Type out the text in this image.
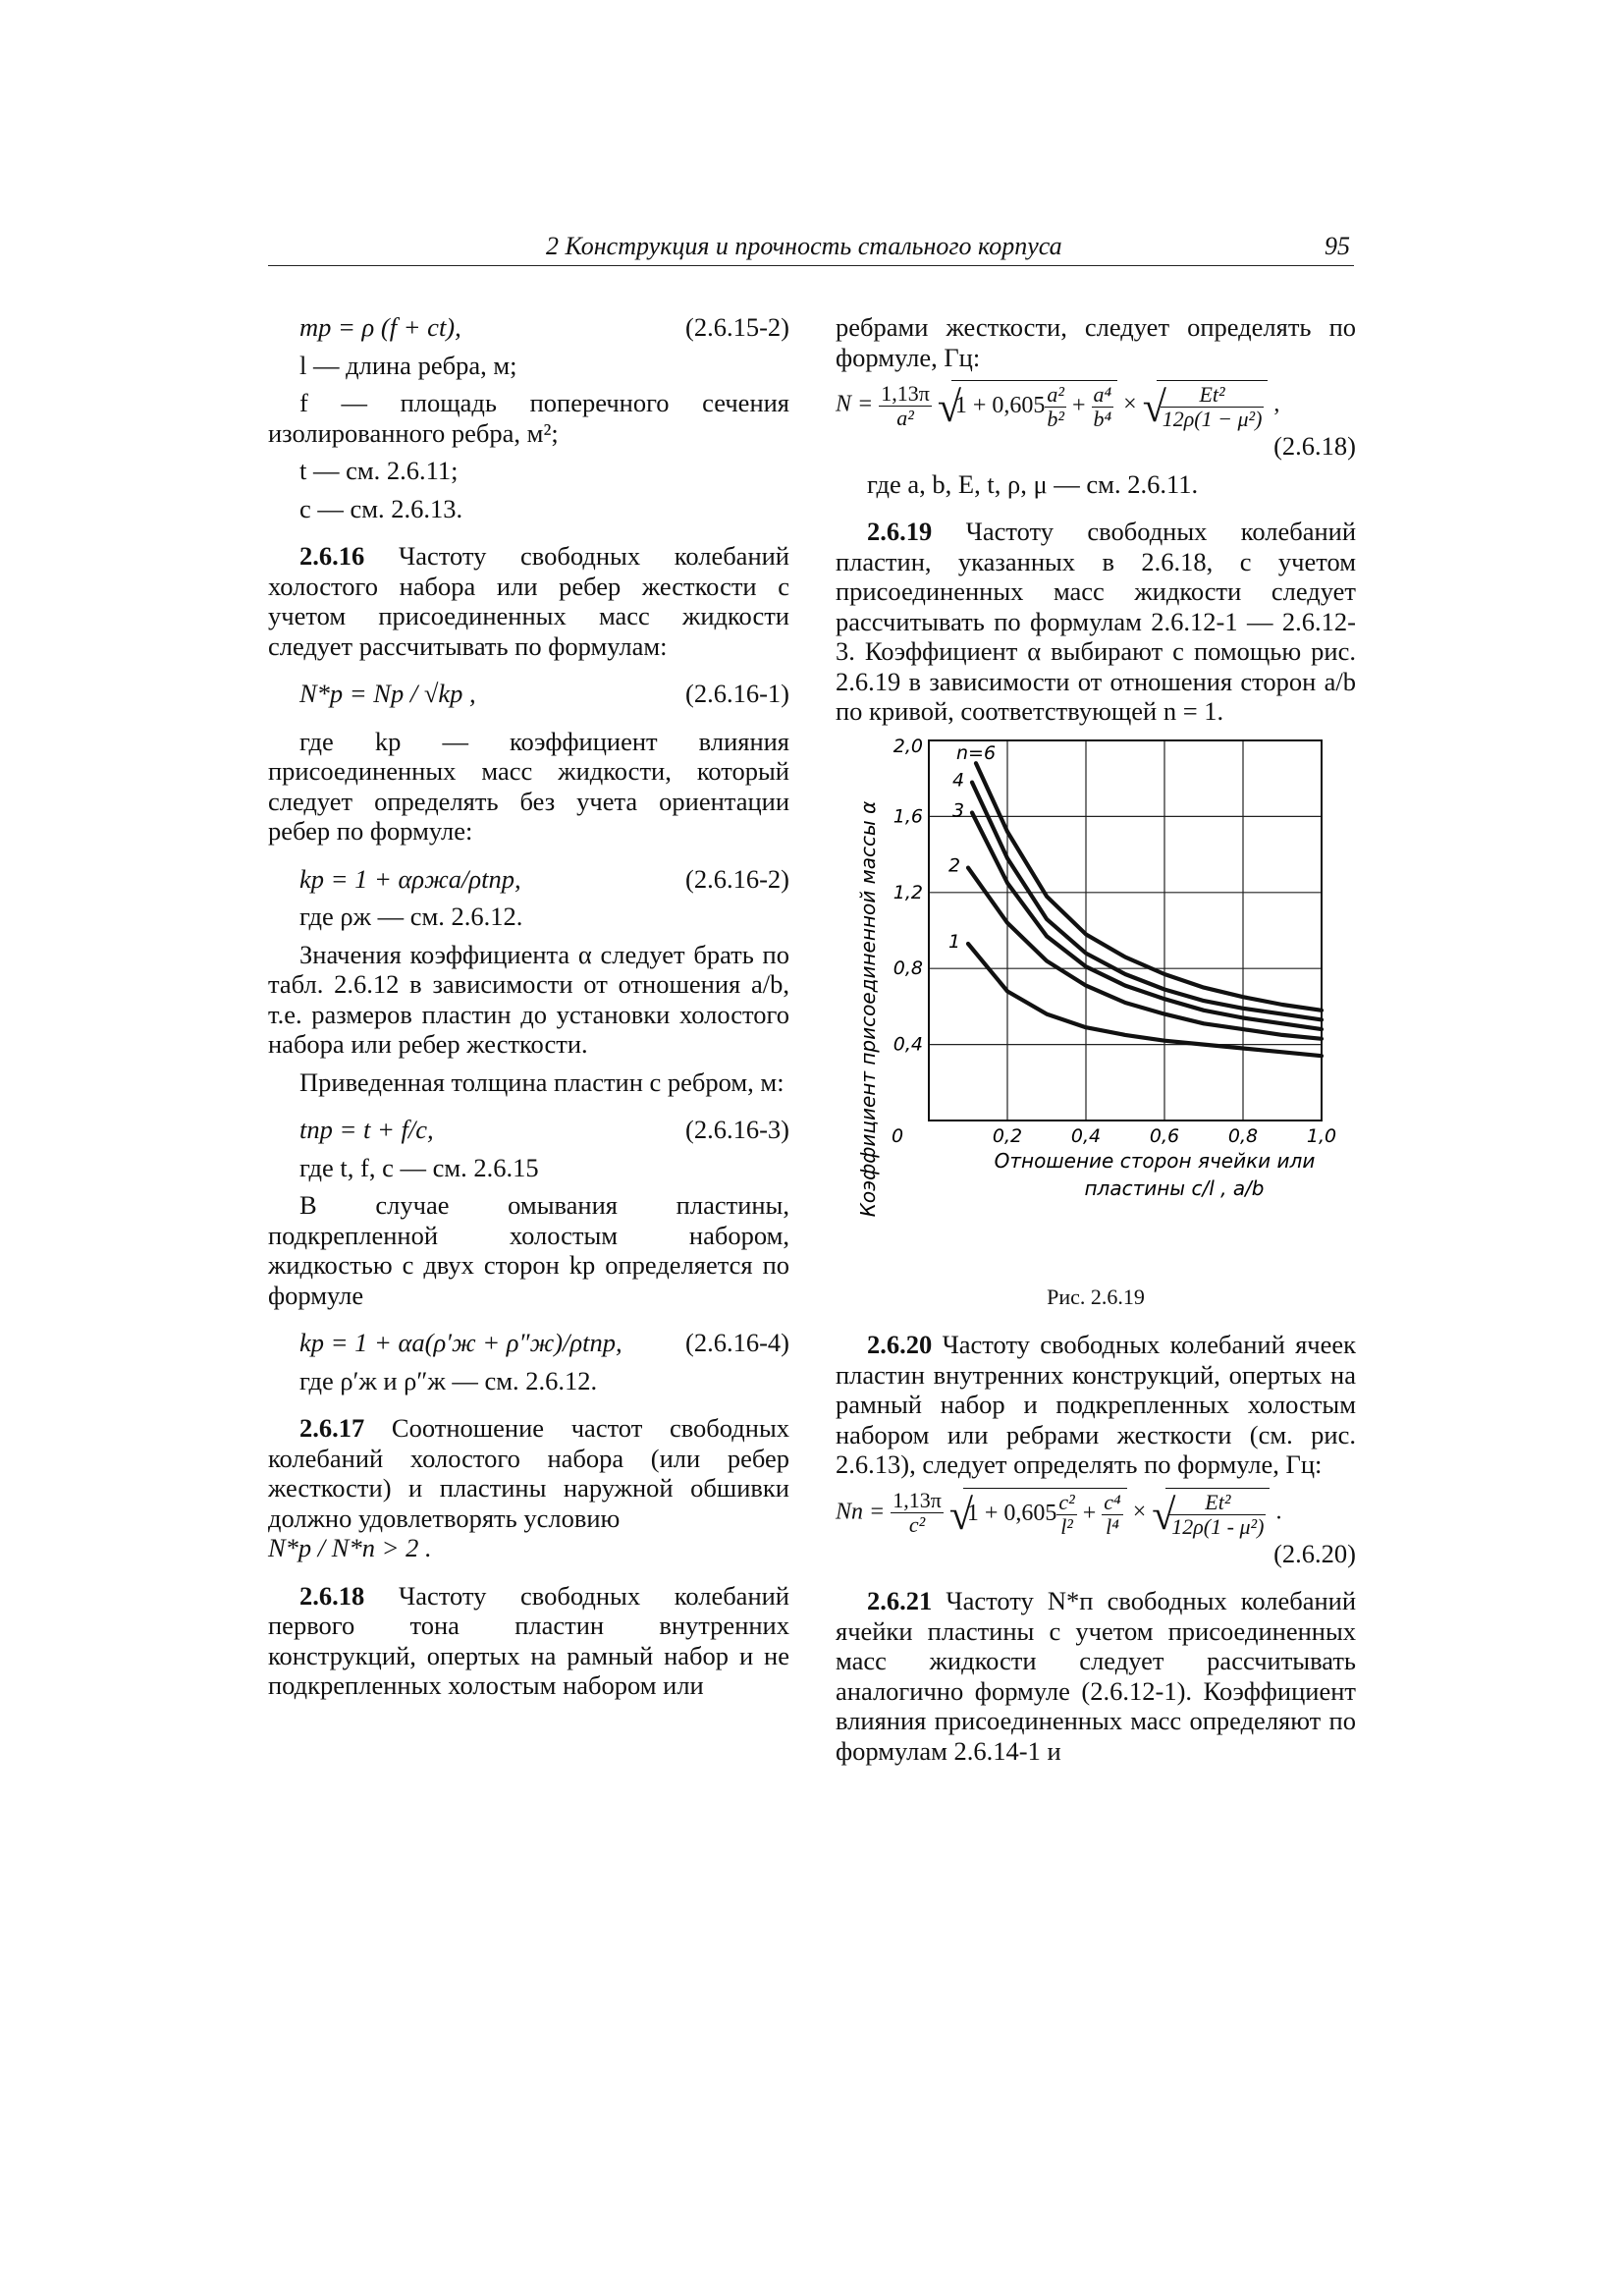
2 Конструкция и прочность стального корпуса	95
mр = ρ (f + ct),	(2.6.15-2)

l — длина ребра, м;

f — площадь поперечного сечения изолированного ребра, м²;

t — см. 2.6.11;

c — см. 2.6.13.

2.6.16 Частоту свободных колебаний холостого набора или ребер жесткости с учетом присоединенных масс жидкости следует рассчитывать по формулам:

N*р = Nр / √kр ,	(2.6.16-1)

где kр — коэффициент влияния присоединенных масс жидкости, который следует определять без учета ориентации ребер по формуле:

kр = 1 + αρжa/ρtпр,	(2.6.16-2)

где ρж — см. 2.6.12.

Значения коэффициента α следует брать по табл. 2.6.12 в зависимости от отношения a/b, т.е. размеров пластин до установки холостого набора или ребер жесткости.

Приведенная толщина пластин с ребром, м:

tпр = t + f/c,	(2.6.16-3)

где t, f, c — см. 2.6.15

В случае омывания пластины, подкрепленной холостым набором, жидкостью с двух сторон kр определяется по формуле

kр = 1 + αa(ρ′ж + ρ″ж)/ρtпр, (2.6.16-4)

где ρ′ж и ρ″ж — см. 2.6.12.

2.6.17 Соотношение частот свободных колебаний холостого набора (или ребер жесткости) и пластины наружной обшивки должно удовлетворять условию

N*р / N*п > 2 .

2.6.18 Частоту свободных колебаний первого тона пластин внутренних конструкций, опертых на рамный набор и не подкрепленных холостым набором или

ребрами жесткости, следует определять по формуле, Гц:

$N = \frac{1,13\pi}{\text{a²}}$
√
$1 + 0,605 \frac{\text{a²}}{\text{b²}} + \frac{\text{a⁴}}{\text{b⁴}}$ × √
$\frac{\text{Et²}}{\text{12ρ(1 − μ²)}}$ ,

(2.6.18)

где a, b, E, t, ρ, μ — см. 2.6.11.

2.6.19 Частоту свободных колебаний пластин, указанных в 2.6.18, с учетом присоединенных масс жидкости следует рассчитывать по формулам 2.6.12-1 — 2.6.12-3. Коэффициент α выбирают с помощью рис. 2.6.19 в зависимости от отношения сторон a/b по кривой, соответствующей n = 1.

0,4
0,8
1,2
1,6
2,0
0	0,2	0,4	0,6	0,8	1,0
Коэффициент присоединенной массы α	Отношение сторон ячейки или
пластины c/l , a/b
n=6
4
3
2
1

Рис. 2.6.19

2.6.20 Частоту свободных колебаний ячеек пластин внутренних конструкций, опертых на рамный набор и подкрепленных холостым набором или ребрами жесткости (см. рис. 2.6.13), следует определять по формуле, Гц:

Nп = $\frac{1,13\pi}{\text{c²}}$
√
$1 + 0,605 \frac{\text{c²}}{\text{l²}} + \frac{\text{c⁴}}{\text{l⁴}}$ × √
$\frac{\text{Et²}}{\text{12ρ(1 - μ²)}}$ .

(2.6.20)

2.6.21 Частоту N*п свободных колебаний ячейки пластины с учетом присоединенных масс жидкости следует рассчитывать аналогично формуле (2.6.12-1). Коэффициент влияния присоединенных масс определяют по формулам 2.6.14-1 и
